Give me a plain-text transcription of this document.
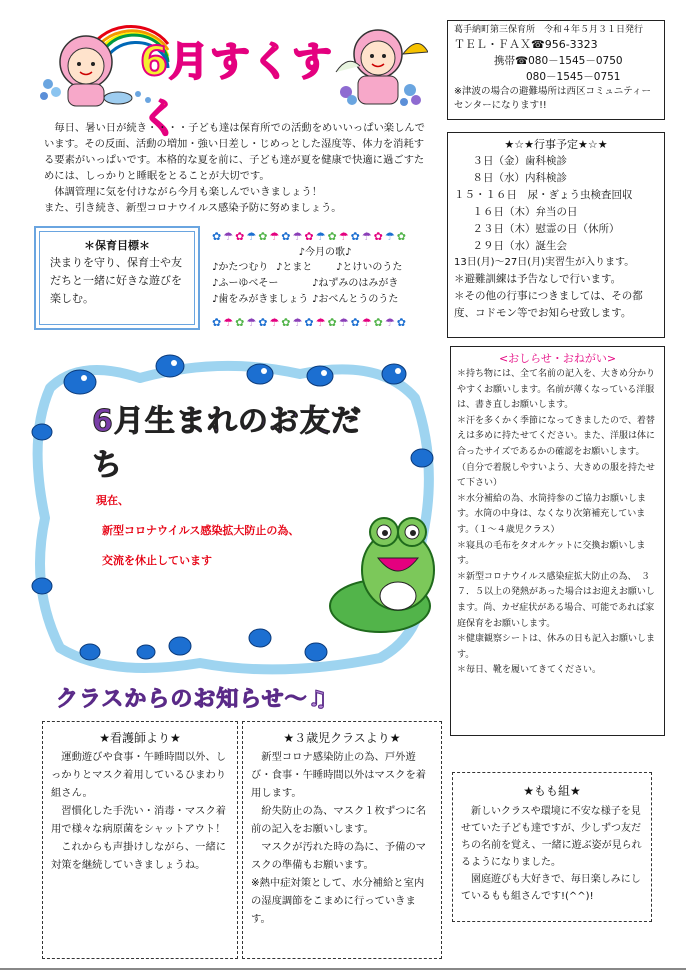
6月すくすく
葛手納町第三保育所　令和４年５月３１日発行
ＴＥＬ・ＦＡＸ☎956-3323
携帯☎080－1545－0750
080－1545－0751
※津波の場合の避難場所は西区コミュニティーセンターになります!!
　毎日、暑い日が続き・・・・子ども達は保育所での活動をめいいっぱい楽しんでいます。その反面、活動の増加・強い日差し・じめっとした湿度等、体力を消耗する要素がいっぱいです。本格的な夏を前に、子ども達が夏を健康で快適に過ごすためには、しっかりと睡眠をとることが大切です。
　体調管理に気を付けながら今月も楽しんでいきましょう！
また、引き続き、新型コロナウイルス感染予防に努めましょう。
★☆★行事予定★☆★
　３日（金）歯科検診
　８日（水）内科検診
１５・１６日　尿・ぎょう虫検査回収
　１６日（木）弁当の日
　２３日（木）慰霊の日（休所）
　２９日（水）誕生会
13日(月)～27日(月)実習生が入ります。
＊避難訓練は予告なしで行います。
＊その他の行事につきましては、その都度、コドモン等でお知らせ致します。
＊保育目標＊
決まりを守り、保育士や友だちと一緒に好きな遊びを楽しむ。
✿ ☂ ✿ ☂ ✿ ☂ ✿ ☂ ✿ ☂ ✿ ☂ ✿ ☂ ✿ ☂ ✿
♪今月の歌♪
♪かたつむり ♪とまと	♪とけいのうた
♪ふーゆべそー	♪ねずみのはみがき
♪歯をみがきましょう ♪おべんとうのうた
✿ ☂ ✿ ☂ ✿ ☂ ✿ ☂ ✿ ☂ ✿ ☂ ✿ ☂ ✿ ☂ ✿
6月生まれのお友だち
現在、
新型コロナウイルス感染拡大防止の為、
交流を休止しています
<おしらせ・おねがい>
＊持ち物には、全て名前の記入を、大きめ分かりやすくお願いします。名前が薄くなっている洋服は、書き直しお願いします。
＊汗を多くかく季節になってきましたので、着替えは多めに持たせてください。また、洋服は体に合ったサイズであるかの確認をお願いします。
（自分で着脱しやすいよう、大きめの服を持たせて下さい）
＊水分補給の為、水筒持参のご協力お願いします。水筒の中身は、なくなり次第補充しています。（１～４歳児クラス）
＊寝具の毛布をタオルケットに交換お願いします。
＊新型コロナウイルス感染症拡大防止の為、　３７．５以上の発熱があった場合はお迎えお願いします。尚、カゼ症状がある場合、可能であれば家庭保育をお願いします。
＊健康観察シートは、休みの日も記入お願いします。
＊毎日、靴を履いてきてください。
クラスからのお知らせ～♫
★看護師より★
　運動遊びや食事・午睡時間以外、しっかりとマスク着用しているひまわり組さん。
　習慣化した手洗い・消毒・マスク着用で様々な病原菌をシャットアウト！
　これからも声掛けしながら、一緒に対策を継続していきましょうね。
★３歳児クラスより★
　新型コロナ感染防止の為、戸外遊び・食事・午睡時間以外はマスクを着用します。
　紛失防止の為、マスク１枚ずつに名前の記入をお願いします。
　マスクが汚れた時の為に、予備のマスクの準備もお願います。
※熱中症対策として、水分補給と室内の湿度調節をこまめに行っていきます。
★もも組★
　新しいクラスや環境に不安な様子を見せていた子ども達ですが、少しずつ友だちの名前を覚え、一緒に遊ぶ姿が見られるようになりました。
　園庭遊びも大好きで、毎日楽しみにしているもも組さんです!(^^)!
